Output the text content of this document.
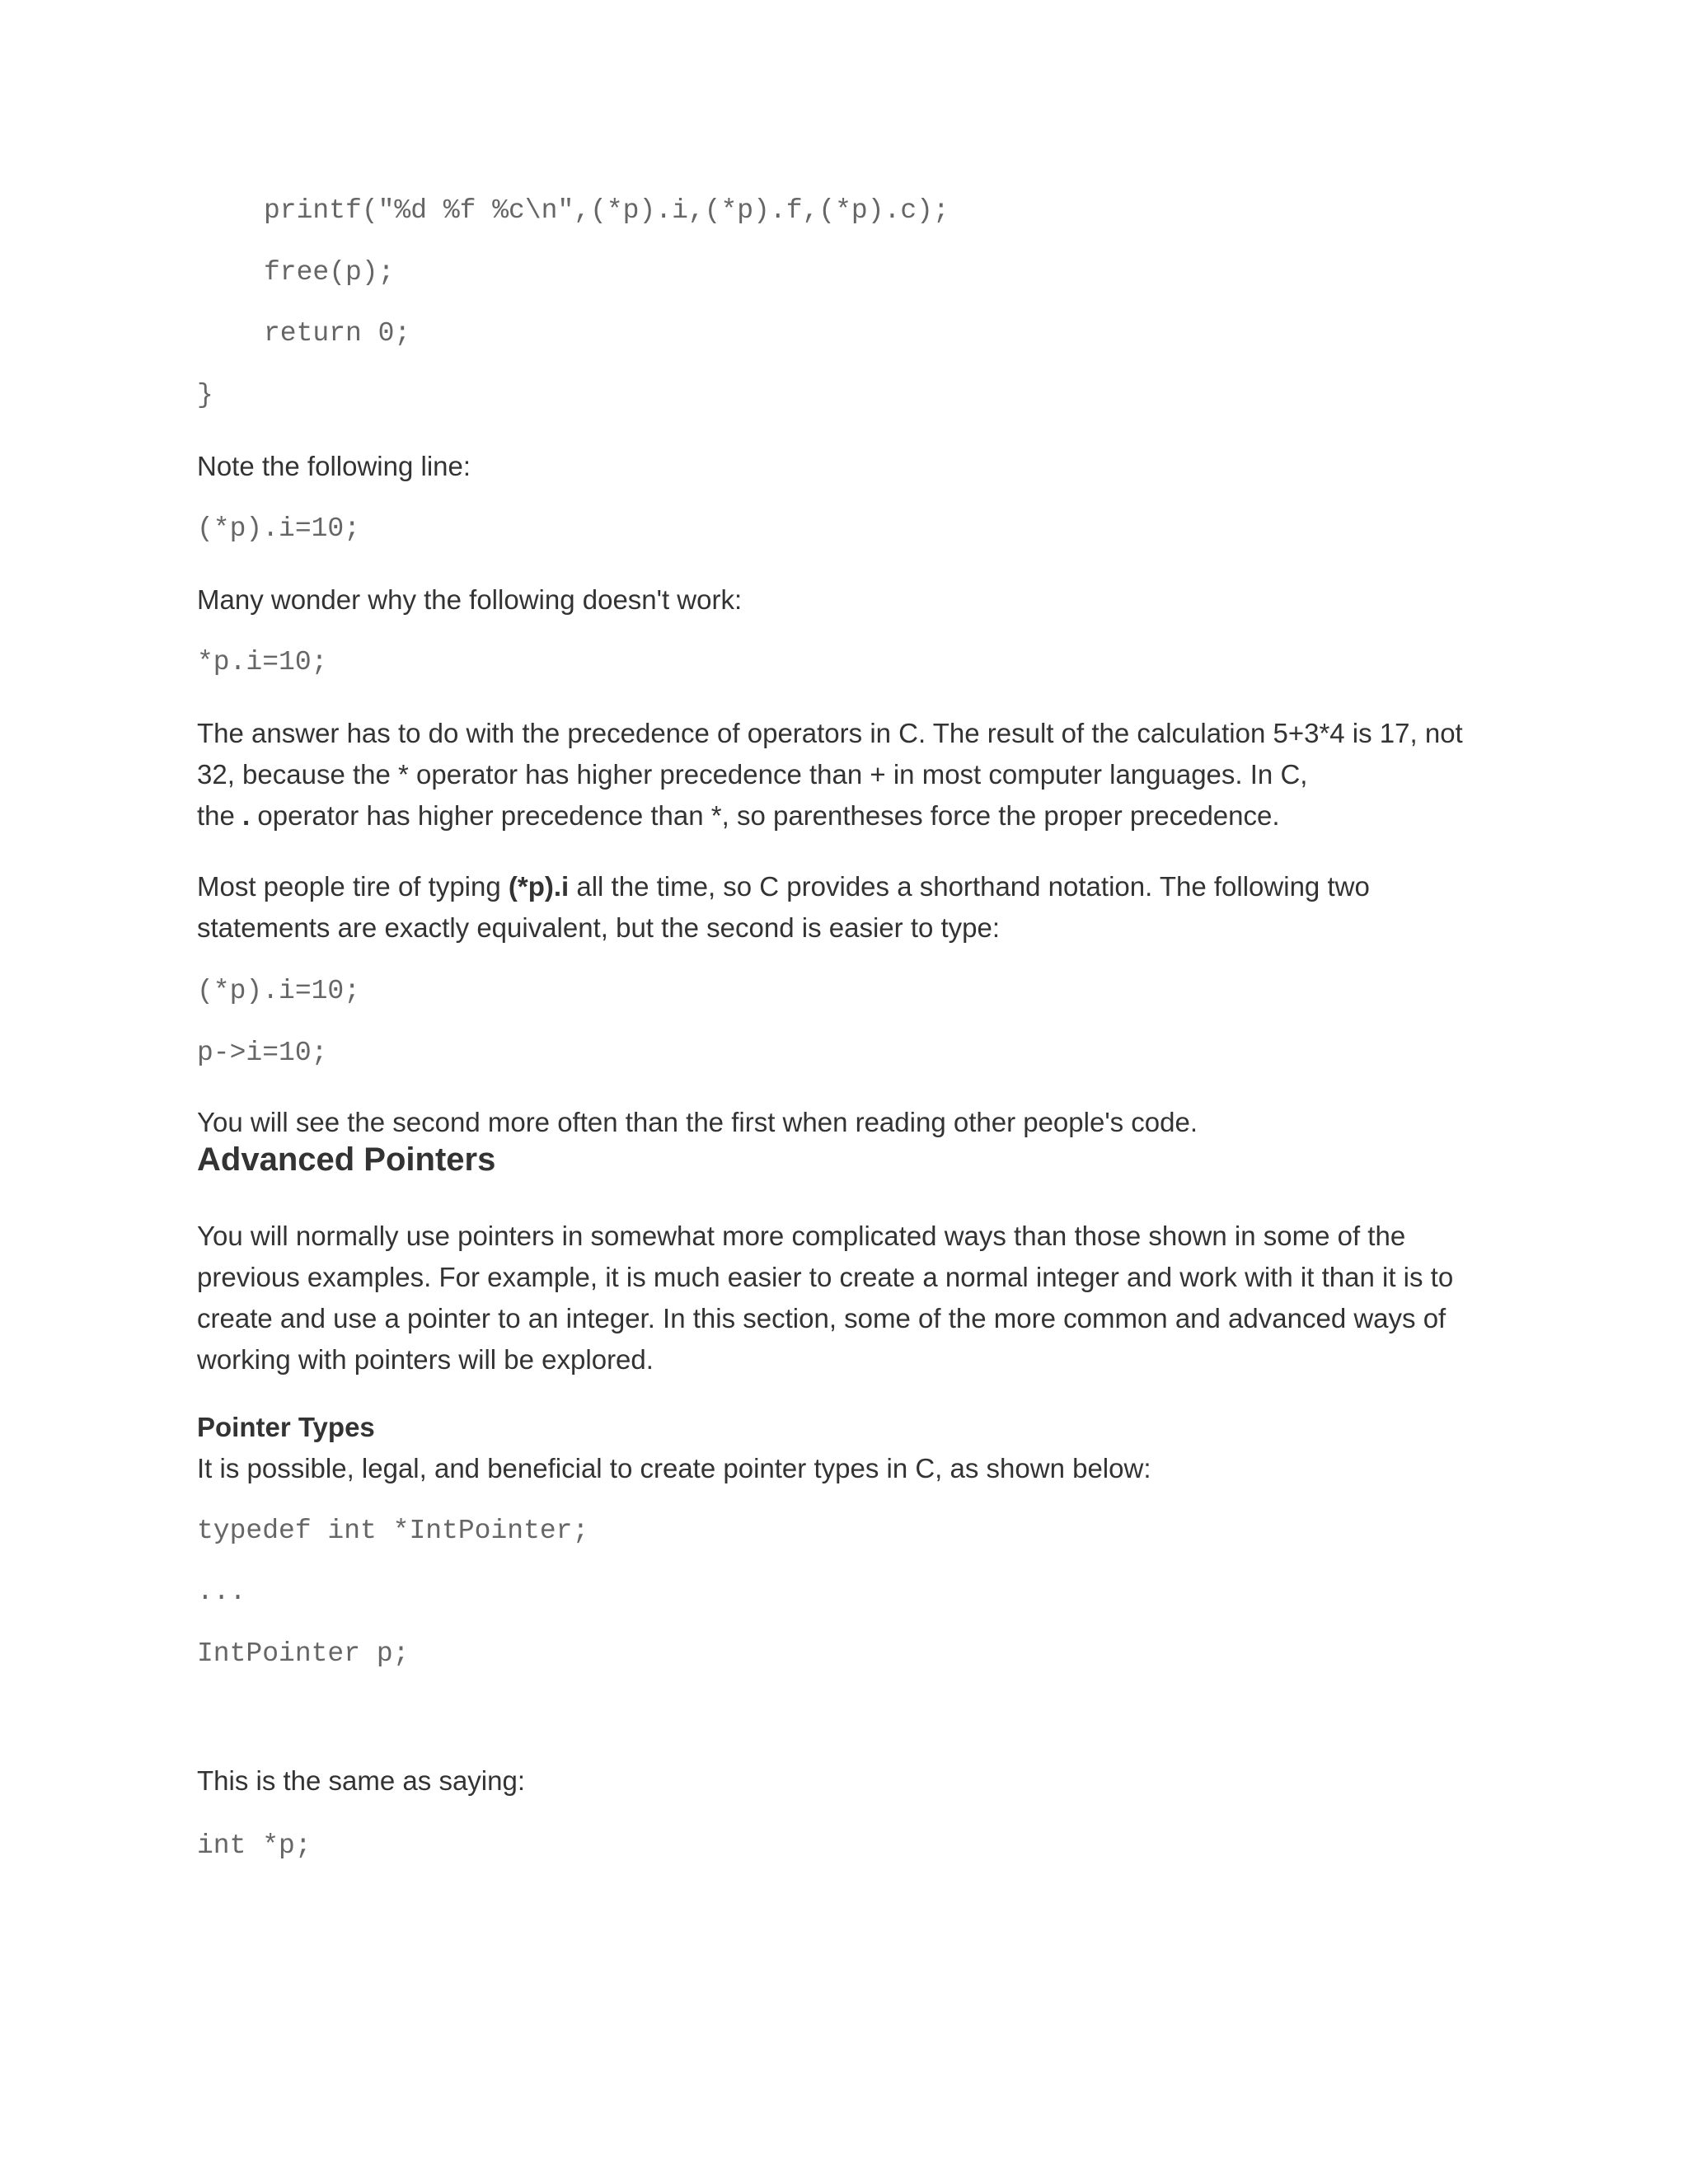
printf("%d %f %c\n",(*p).i,(*p).f,(*p).c);
free(p);
return 0;
}

Note the following line:

(*p).i=10;

Many wonder why the following doesn't work:

*p.i=10;

The answer has to do with the precedence of operators in C. The result of the calculation 5+3*4 is 17, not
32, because the * operator has higher precedence than + in most computer languages. In C,
the . operator has higher precedence than *, so parentheses force the proper precedence.

Most people tire of typing (*p).i all the time, so C provides a shorthand notation. The following two
statements are exactly equivalent, but the second is easier to type:

(*p).i=10;
p->i=10;

You will see the second more often than the first when reading other people's code.

Advanced Pointers

You will normally use pointers in somewhat more complicated ways than those shown in some of the
previous examples. For example, it is much easier to create a normal integer and work with it than it is to
create and use a pointer to an integer. In this section, some of the more common and advanced ways of
working with pointers will be explored.

Pointer Types

It is possible, legal, and beneficial to create pointer types in C, as shown below:

typedef int *IntPointer;
...
IntPointer p;

This is the same as saying:

int *p;
